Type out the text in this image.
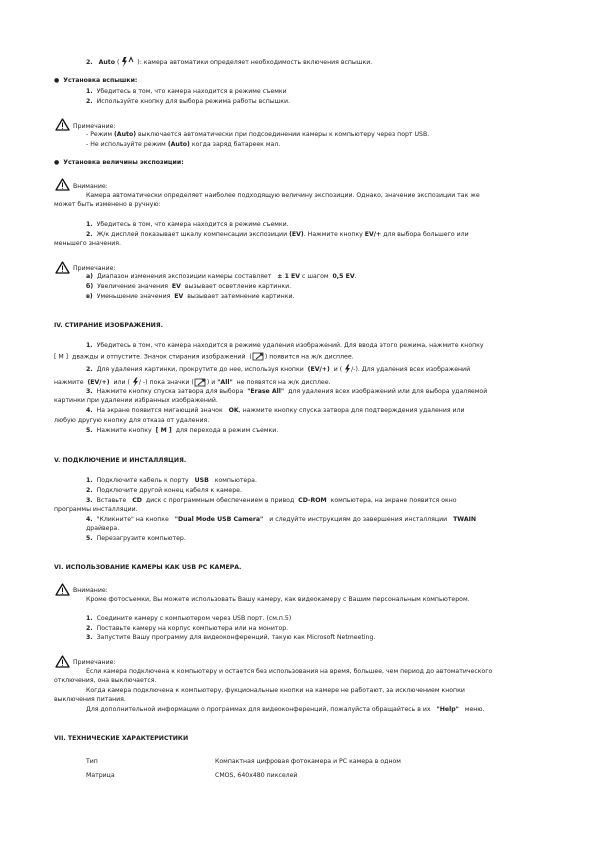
2. Auto (	): камера автоматики определяет необходимость включения вспышки.
● Установка вспышки:
1. Убедитесь в том, что камера находится в режиме съемки
2. Используйте кнопку для выбора режима работы вспышки.
Примечание:
- Режим (Auto) выключается автоматически при подсоединении камеры к компьютеру через порт USB.
- Не используйте режим (Auto) когда заряд батареек мал.
● Установка величины экспозиции:
Внимание:
Камера автоматически определяет наиболее подходящую величину экспозиции. Однако, значение экспозиции так же
может быть изменено в ручную:
1. Убедитесь в том, что камера находится в режиме съемки.
2. Ж/к дисплей показывает шкалу компенсации экспозиции (EV). Нажмите кнопку EV/+ для выбора большего или
меньшего значения.
Примечание:
а) Диапазон изменения экспозиции камеры составляет ± 1 EV с шагом 0,5 EV.
б) Увеличение значения EV вызывает осветление картинки.
в) Уменьшение значения EV вызывает затемнение картинки.
IV. СТИРАНИЕ ИЗОБРАЖЕНИЯ.
1. Убедитесь в том, что камера находится в режиме удаления изображений. Для ввода этого режима, нажмите кнопку
[ M ] дважды и отпустите. Значок стирания изображений  ( ) появится на ж/к дисплее.
2. Для удаления картинки, прокрутите до нее, используя кнопки (EV/+) и ( /-). Для удаления всех изображений
нажмите (EV/+) или ( / -) пока значки ( ) и "All" не появятся на ж/к дисплее.
3. Нажмите кнопку спуска затвора для выбора "Erase All" для удаления всех изображений или для выбора удаляемой
картинки при удалении избранных изображений.
4. На экране появится мигающий значок OK, нажмите кнопку спуска затвора для подтверждения удаления или
любую другую кнопку для отказа от удаления.
5. Нажмите кнопку [ M ] для перехода в режим съемки.
V. ПОДКЛЮЧЕНИЕ И ИНСТАЛЛЯЦИЯ.
1. Подключите кабель к порту USB компьютера.
2. Подключите другой конец кабеля к камере.
3. Вставьте CD диск с программным обеспечением в привод CD-ROM компьютера, на экране появится окно
программы инсталляции.
4. "Кликните" на кнопке "Dual Mode USB Camera" и следуйте инструкциям до завершения инсталляции TWAIN
драйвера.
5. Перезагрузите компьютер.
VI. ИСПОЛЬЗОВАНИЕ КАМЕРЫ КАК USB PC КАМЕРА.
Внимание:
Кроме фотосъемки, Вы можете использовать Вашу камеру, как видеокамеру с Вашим персональным компьютером.
1. Соедините камеру с компьютером через USB порт. (см.п.5)
2. Поставьте камеру на корпус компьютера или на монитор.
3. Запустите Вашу программу для видеоконференций, такую как Microsoft Netmeeting.
Примечание:
Если камера подключена к компьютеру и остается без использования на время, большее, чем период до автоматического
отключения, она выключается.
Когда камера подключена к компьютеру, фукциональные кнопки на камере не работают, за исключением кнопки
выключения питания.
Для дополнительной информации о программах для видеоконференций, пожалуйста обращайтесь в их "Help" меню.
VII. ТЕХНИЧЕСКИЕ ХАРАКТЕРИСТИКИ
Тип	Компактная цифровая фотокамера и PC камера в одном
Матрица	CMOS, 640x480 пикселей
